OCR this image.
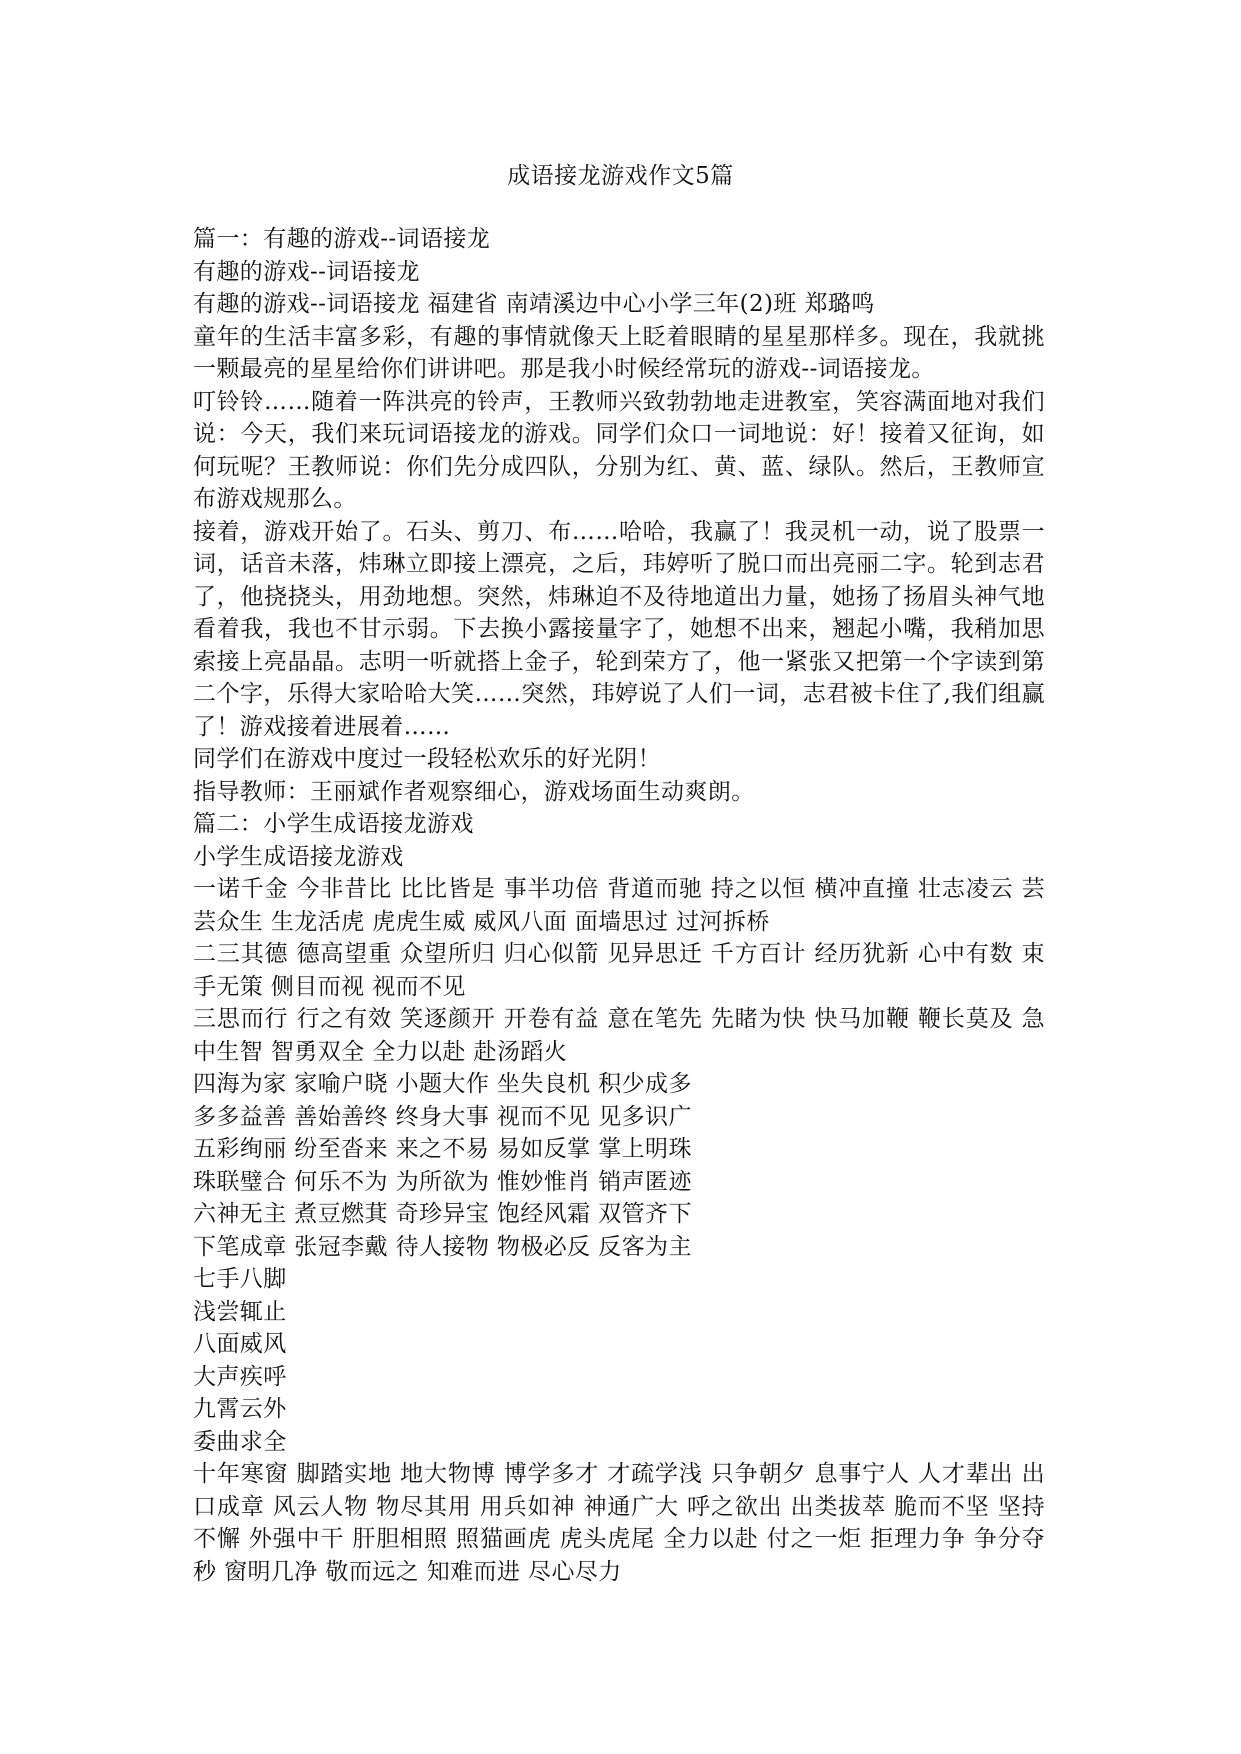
成语接龙游戏作文5篇

篇一：有趣的游戏--词语接龙

有趣的游戏--词语接龙

有趣的游戏--词语接龙 福建省 南靖溪边中心小学三年(2)班 郑璐鸣

童年的生活丰富多彩，有趣的事情就像天上眨着眼睛的星星那样多。现在，我就挑一颗最亮的星星给你们讲讲吧。那是我小时候经常玩的游戏--词语接龙。

叮铃铃……随着一阵洪亮的铃声，王教师兴致勃勃地走进教室，笑容满面地对我们说：今天，我们来玩词语接龙的游戏。同学们众口一词地说：好！接着又征询，如何玩呢？王教师说：你们先分成四队，分别为红、黄、蓝、绿队。然后，王教师宣布游戏规那么。

接着，游戏开始了。石头、剪刀、布……哈哈，我赢了！我灵机一动，说了股票一词，话音未落，炜琳立即接上漂亮，之后，玮婷听了脱口而出亮丽二字。轮到志君了，他挠挠头，用劲地想。突然，炜琳迫不及待地道出力量，她扬了扬眉头神气地看着我，我也不甘示弱。下去换小露接量字了，她想不出来，翘起小嘴，我稍加思索接上亮晶晶。志明一听就搭上金子，轮到荣方了，他一紧张又把第一个字读到第二个字，乐得大家哈哈大笑……突然，玮婷说了人们一词，志君被卡住了,我们组赢了！游戏接着进展着……

同学们在游戏中度过一段轻松欢乐的好光阴！

指导教师：王丽斌作者观察细心，游戏场面生动爽朗。

篇二：小学生成语接龙游戏

小学生成语接龙游戏

一诺千金 今非昔比 比比皆是 事半功倍 背道而驰 持之以恒 横冲直撞 壮志凌云 芸芸众生 生龙活虎 虎虎生威 威风八面 面墙思过 过河拆桥

二三其德 德高望重 众望所归 归心似箭 见异思迁 千方百计 经历犹新 心中有数 束手无策 侧目而视 视而不见

三思而行 行之有效 笑逐颜开 开卷有益 意在笔先 先睹为快 快马加鞭 鞭长莫及 急中生智 智勇双全 全力以赴 赴汤蹈火

四海为家 家喻户晓 小题大作 坐失良机 积少成多

多多益善 善始善终 终身大事 视而不见 见多识广

五彩绚丽 纷至沓来 来之不易 易如反掌 掌上明珠

珠联璧合 何乐不为 为所欲为 惟妙惟肖 销声匿迹

六神无主 煮豆燃萁 奇珍异宝 饱经风霜 双管齐下

下笔成章 张冠李戴 待人接物 物极必反 反客为主

七手八脚

浅尝辄止

八面威风

大声疾呼

九霄云外

委曲求全

十年寒窗 脚踏实地 地大物博 博学多才 才疏学浅 只争朝夕 息事宁人 人才辈出 出口成章 风云人物 物尽其用 用兵如神 神通广大 呼之欲出 出类拔萃 脆而不坚 坚持不懈 外强中干 肝胆相照 照猫画虎 虎头虎尾 全力以赴 付之一炬 拒理力争 争分夺秒 窗明几净 敬而远之 知难而进 尽心尽力
